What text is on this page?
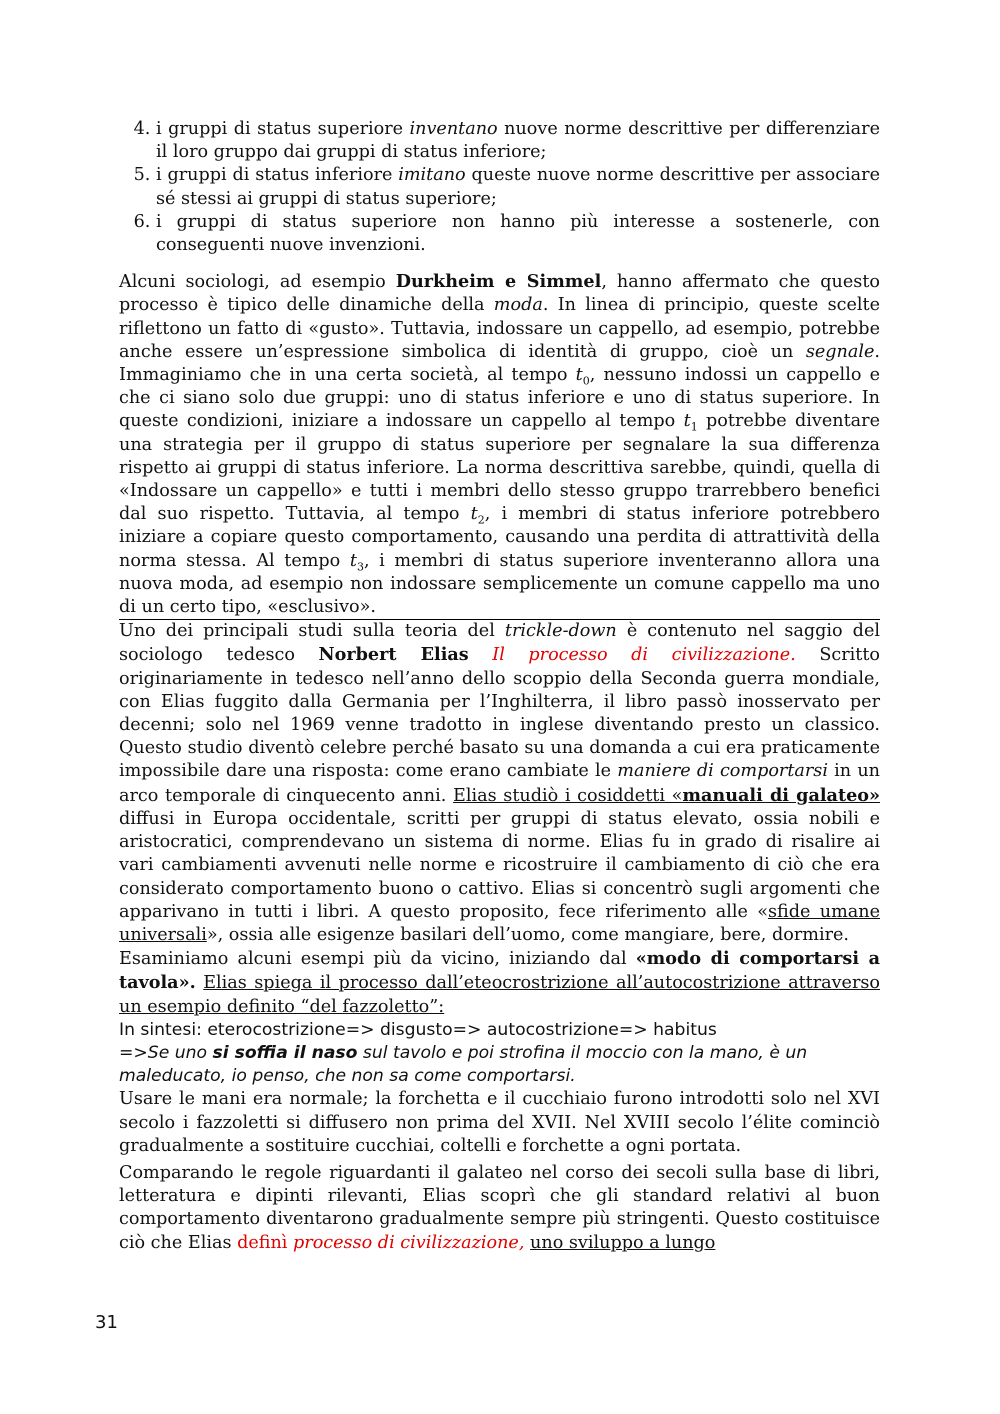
4. i gruppi di status superiore inventano nuove norme descrittive per differenziare il loro gruppo dai gruppi di status inferiore;
5. i gruppi di status inferiore imitano queste nuove norme descrittive per associare sé stessi ai gruppi di status superiore;
6. i gruppi di status superiore non hanno più interesse a sostenerle, con conseguenti nuove invenzioni.

Alcuni sociologi, ad esempio Durkheim e Simmel, hanno affermato che questo processo è tipico delle dinamiche della moda. In linea di principio, queste scelte riflettono un fatto di «gusto». Tuttavia, indossare un cappello, ad esempio, potrebbe anche essere un’espressione simbolica di identità di gruppo, cioè un segnale. Immaginiamo che in una certa società, al tempo $t_0$, nessuno indossi un cappello e che ci siano solo due gruppi: uno di status inferiore e uno di status superiore. In queste condizioni, iniziare a indossare un cappello al tempo $t_1$ potrebbe diventare una strategia per il gruppo di status superiore per segnalare la sua differenza rispetto ai gruppi di status inferiore. La norma descrittiva sarebbe, quindi, quella di «Indossare un cappello» e tutti i membri dello stesso gruppo trarrebbero benefici dal suo rispetto. Tuttavia, al tempo $t_2$, i membri di status inferiore potrebbero iniziare a copiare questo comportamento, causando una perdita di attrattività della norma stessa. Al tempo $t_3$, i membri di status superiore inventeranno allora una nuova moda, ad esempio non indossare semplicemente un comune cappello ma uno di un certo tipo, «esclusivo».

Uno dei principali studi sulla teoria del trickle-down è contenuto nel saggio del sociologo tedesco Norbert Elias Il processo di civilizzazione. Scritto originariamente in tedesco nell’anno dello scoppio della Seconda guerra mondiale, con Elias fuggito dalla Germania per l’Inghilterra, il libro passò inosservato per decenni; solo nel 1969 venne tradotto in inglese diventando presto un classico. Questo studio diventò celebre perché basato su una domanda a cui era praticamente impossibile dare una risposta: come erano cambiate le maniere di comportarsi in un arco temporale di cinquecento anni. Elias studiò i cosiddetti «manuali di galateo» diffusi in Europa occidentale, scritti per gruppi di status elevato, ossia nobili e aristocratici, comprendevano un sistema di norme. Elias fu in grado di risalire ai vari cambiamenti avvenuti nelle norme e ricostruire il cambiamento di ciò che era considerato comportamento buono o cattivo. Elias si concentrò sugli argomenti che apparivano in tutti i libri. A questo proposito, fece riferimento alle «sfide umane universali», ossia alle esigenze basilari dell’uomo, come mangiare, bere, dormire.

Esaminiamo alcuni esempi più da vicino, iniziando dal «modo di comportarsi a tavola». Elias spiega il processo dall’eteocrostrizione all’autocostrizione attraverso un esempio definito “del fazzoletto”:

In sintesi: eterocostrizione=> disgusto=> autocostrizione=> habitus

=>Se uno si soffia il naso sul tavolo e poi strofina il moccio con la mano, è un maleducato, io penso, che non sa come comportarsi.

Usare le mani era normale; la forchetta e il cucchiaio furono introdotti solo nel XVI secolo i fazzoletti si diffusero non prima del XVII. Nel XVIII secolo l’élite cominciò gradualmente a sostituire cucchiai, coltelli e forchette a ogni portata.

Comparando le regole riguardanti il galateo nel corso dei secoli sulla base di libri, letteratura e dipinti rilevanti, Elias scoprì che gli standard relativi al buon comportamento diventarono gradualmente sempre più stringenti. Questo costituisce ciò che Elias definì processo di civilizzazione, uno sviluppo a lungo

31
